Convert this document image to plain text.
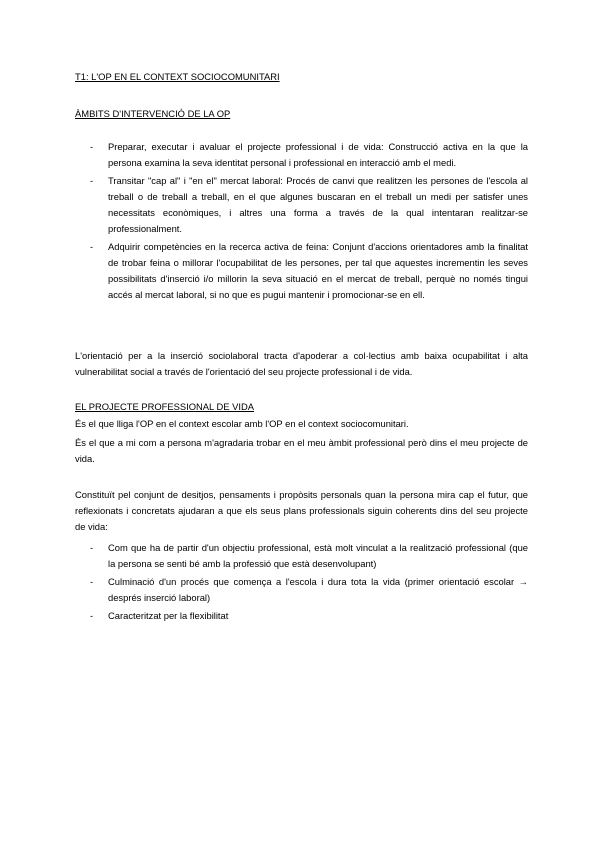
T1: L'OP EN EL CONTEXT SOCIOCOMUNITARI
ÀMBITS D'INTERVENCIÓ DE LA OP
- Preparar, executar i avaluar el projecte professional i de vida: Construcció activa en la que la persona examina la seva identitat personal i professional en interacció amb el medi.
- Transitar "cap al" i "en el" mercat laboral: Procés de canvi que realitzen les persones de l'escola al treball o de treball a treball, en el que algunes buscaran en el treball un medi per satisfer unes necessitats econòmiques, i altres una forma a través de la qual intentaran realitzar-se professionalment.
- Adquirir competències en la recerca activa de feina: Conjunt d'accions orientadores amb la finalitat de trobar feina o millorar l'ocupabilitat de les persones, per tal que aquestes incrementin les seves possibilitats d'inserció i/o millorin la seva situació en el mercat de treball, perquè no només tingui accés al mercat laboral, si no que es pugui mantenir i promocionar-se en ell.

L'orientació per a la inserció sociolaboral tracta d'apoderar a col·lectius amb baixa ocupabilitat i alta vulnerabilitat social a través de l'orientació del seu projecte professional i de vida.

EL PROJECTE PROFESSIONAL DE VIDA

És el que lliga l'OP en el context escolar amb l'OP en el context sociocomunitari.

És el que a mi com a persona m'agradaria trobar en el meu àmbit professional però dins el meu projecte de vida.

Constituït pel conjunt de desitjos, pensaments i propòsits personals quan la persona mira cap el futur, que reflexionats i concretats ajudaran a que els seus plans professionals siguin coherents dins del seu projecte de vida:

- Com que ha de partir d'un objectiu professional, està molt vinculat a la realització professional (que la persona se senti bé amb la professió que està desenvolupant)
- Culminació d'un procés que comença a l'escola i dura tota la vida (primer orientació escolar → després inserció laboral)
- Caracteritzat per la flexibilitat
